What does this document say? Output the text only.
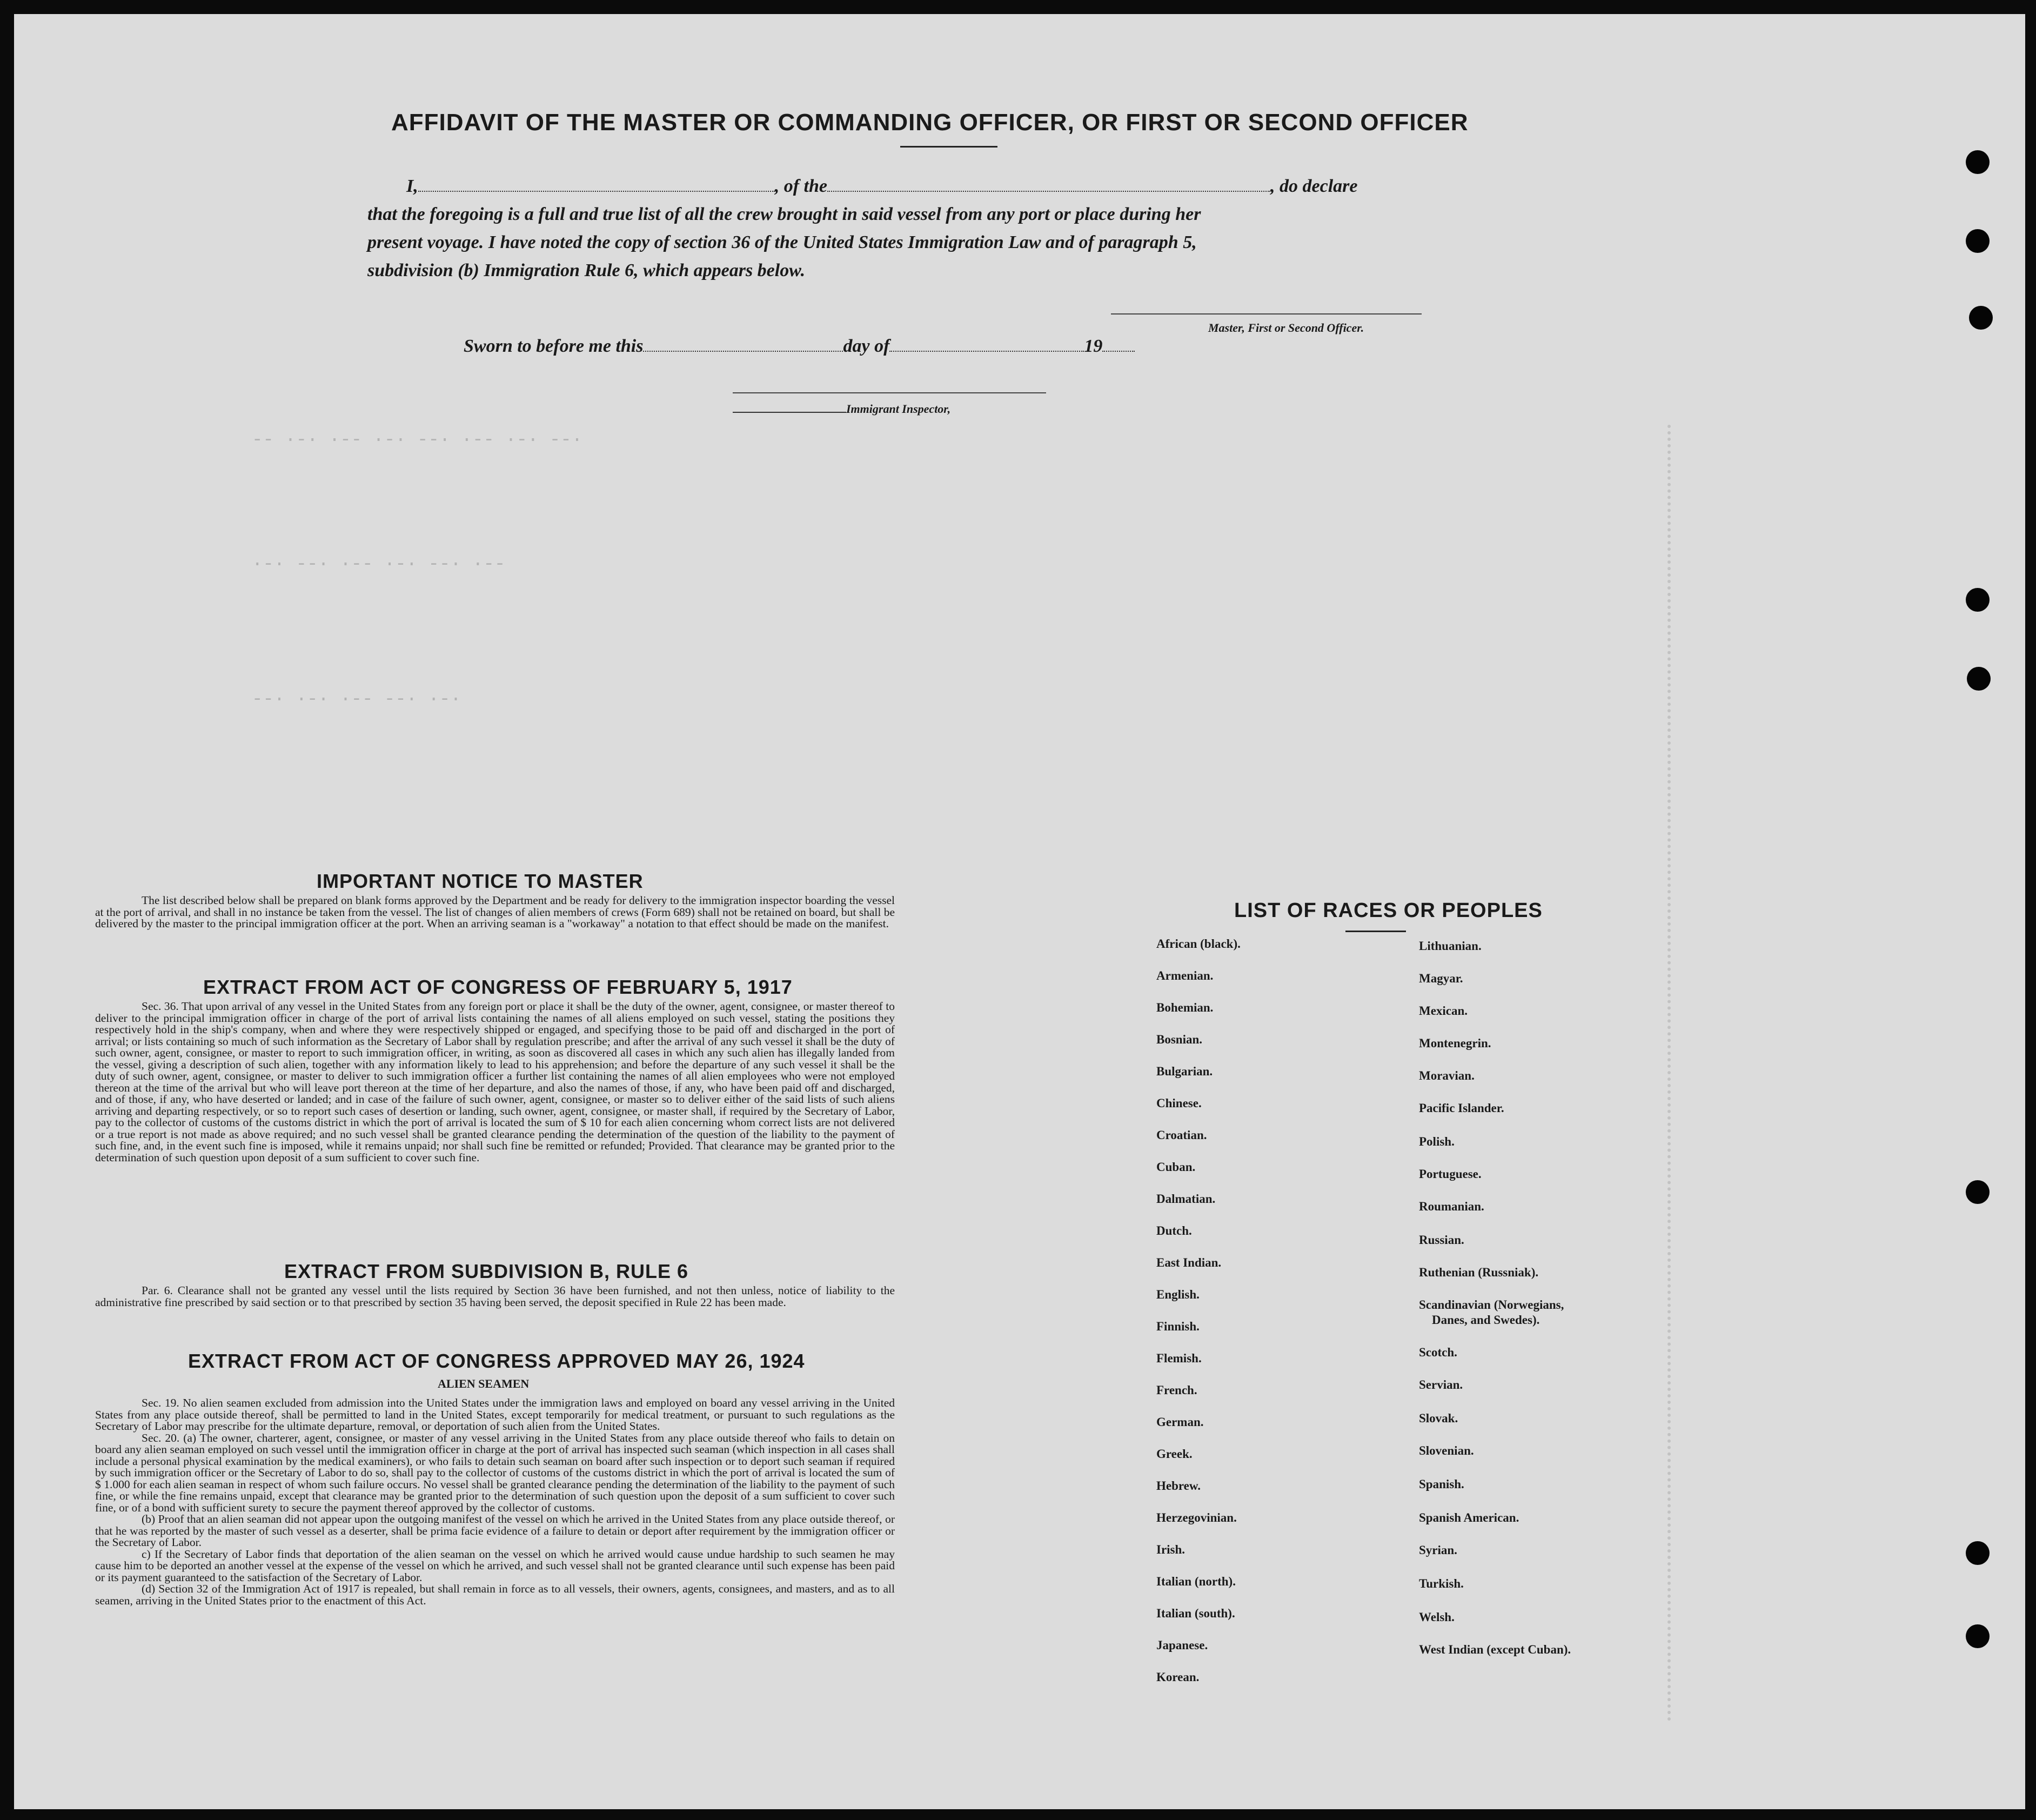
-- ·-· ·-- ·-· --· ·-- ·-· --·
·-· --· ·-- ·-· --· ·--
--· ·-· ·-- --· ·-·
AFFIDAVIT OF THE MASTER OR COMMANDING OFFICER, OR FIRST OR SECOND OFFICER
I,	, of the	, do declare
that the foregoing is a full and true list of all the crew brought in said vessel from any port or place during her
present voyage. I have noted the copy of section 36 of the United States Immigration Law and of paragraph 5,
subdivision (b) Immigration Rule 6, which appears below.
Master, First or Second Officer.
Sworn to before me this	day of	19
Immigrant Inspector,
IMPORTANT NOTICE TO MASTER

The list described below shall be prepared on blank forms approved by the Department and be ready for delivery to the immigration inspector boarding the vessel at the port of arrival, and shall in no instance be taken from the vessel. The list of changes of alien members of crews (Form 689) shall not be retained on board, but shall be delivered by the master to the principal immigration officer at the port. When an arriving seaman is a "workaway" a notation to that effect should be made on the manifest.

EXTRACT FROM ACT OF CONGRESS OF FEBRUARY 5, 1917

Sec. 36. That upon arrival of any vessel in the United States from any foreign port or place it shall be the duty of the owner, agent, consignee, or master thereof to deliver to the principal immigration officer in charge of the port of arrival lists containing the names of all aliens employed on such vessel, stating the positions they respectively hold in the ship's company, when and where they were respectively shipped or engaged, and specifying those to be paid off and discharged in the port of arrival; or lists containing so much of such information as the Secretary of Labor shall by regulation prescribe; and after the arrival of any such vessel it shall be the duty of such owner, agent, consignee, or master to report to such immigration officer, in writing, as soon as discovered all cases in which any such alien has illegally landed from the vessel, giving a description of such alien, together with any information likely to lead to his apprehension; and before the departure of any such vessel it shall be the duty of such owner, agent, consignee, or master to deliver to such immigration officer a further list containing the names of all alien employees who were not employed thereon at the time of the arrival but who will leave port thereon at the time of her departure, and also the names of those, if any, who have been paid off and discharged, and of those, if any, who have deserted or landed; and in case of the failure of such owner, agent, consignee, or master so to deliver either of the said lists of such aliens arriving and departing respectively, or so to report such cases of desertion or landing, such owner, agent, consignee, or master shall, if required by the Secretary of Labor, pay to the collector of customs of the customs district in which the port of arrival is located the sum of $ 10 for each alien concerning whom correct lists are not delivered or a true report is not made as above required; and no such vessel shall be granted clearance pending the determination of the question of the liability to the payment of such fine, and, in the event such fine is imposed, while it remains unpaid; nor shall such fine be remitted or refunded; Provided. That clearance may be granted prior to the determination of such question upon deposit of a sum sufficient to cover such fine.

EXTRACT FROM SUBDIVISION B, RULE 6

Par. 6. Clearance shall not be granted any vessel until the lists required by Section 36 have been furnished, and not then unless, notice of liability to the administrative fine prescribed by said section or to that prescribed by section 35 having been served, the deposit specified in Rule 22 has been made.

EXTRACT FROM ACT OF CONGRESS APPROVED MAY 26, 1924
ALIEN SEAMEN

Sec. 19. No alien seamen excluded from admission into the United States under the immigration laws and employed on board any vessel arriving in the United States from any place outside thereof, shall be permitted to land in the United States, except temporarily for medical treatment, or pursuant to such regulations as the Secretary of Labor may prescribe for the ultimate departure, removal, or deportation of such alien from the United States.

Sec. 20. (a) The owner, charterer, agent, consignee, or master of any vessel arriving in the United States from any place outside thereof who fails to detain on board any alien seaman employed on such vessel until the immigration officer in charge at the port of arrival has inspected such seaman (which inspection in all cases shall include a personal physical examination by the medical examiners), or who fails to detain such seaman on board after such inspection or to deport such seaman if required by such immigration officer or the Secretary of Labor to do so, shall pay to the collector of customs of the customs district in which the port of arrival is located the sum of $ 1.000 for each alien seaman in respect of whom such failure occurs. No vessel shall be granted clearance pending the determination of the liability to the payment of such fine, or while the fine remains unpaid, except that clearance may be granted prior to the determination of such question upon the deposit of a sum sufficient to cover such fine, or of a bond with sufficient surety to secure the payment thereof approved by the collector of customs.

(b) Proof that an alien seaman did not appear upon the outgoing manifest of the vessel on which he arrived in the United States from any place outside thereof, or that he was reported by the master of such vessel as a deserter, shall be prima facie evidence of a failure to detain or deport after requirement by the immigration officer or the Secretary of Labor.

c) If the Secretary of Labor finds that deportation of the alien seaman on the vessel on which he arrived would cause undue hardship to such seamen he may cause him to be deported an another vessel at the expense of the vessel on which he arrived, and such vessel shall not be granted clearance until such expense has been paid or its payment guaranteed to the satisfaction of the Secretary of Labor.

(d) Section 32 of the Immigration Act of 1917 is repealed, but shall remain in force as to all vessels, their owners, agents, consignees, and masters, and as to all seamen, arriving in the United States prior to the enactment of this Act.

LIST OF RACES OR PEOPLES
African (black).
Armenian.
Bohemian.
Bosnian.
Bulgarian.
Chinese.
Croatian.
Cuban.
Dalmatian.
Dutch.
East Indian.
English.
Finnish.
Flemish.
French.
German.
Greek.
Hebrew.
Herzegovinian.
Irish.
Italian (north).
Italian (south).
Japanese.
Korean.
Lithuanian.
Magyar.
Mexican.
Montenegrin.
Moravian.
Pacific Islander.
Polish.
Portuguese.
Roumanian.
Russian.
Ruthenian (Russniak).
Scandinavian (Norwegians,
Danes, and Swedes).
Scotch.
Servian.
Slovak.
Slovenian.
Spanish.
Spanish American.
Syrian.
Turkish.
Welsh.
West Indian (except Cuban).
